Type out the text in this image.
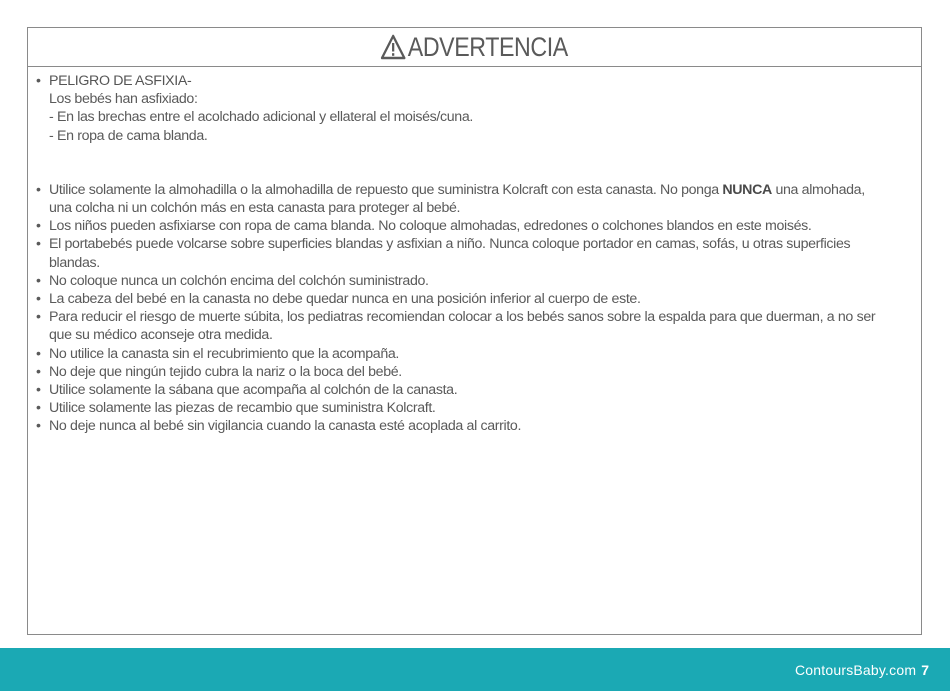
ADVERTENCIA
• PELIGRO DE ASFIXIA-
Los bebés han asfixiado:
- En las brechas entre el acolchado adicional y ellateral el moisés/cuna.
- En ropa de cama blanda.
• Utilice solamente la almohadilla o la almohadilla de repuesto que suministra Kolcraft con esta canasta. No ponga NUNCA una almohada,
una colcha ni un colchón más en esta canasta para proteger al bebé.
• Los niños pueden asfixiarse con ropa de cama blanda. No coloque almohadas, edredones o colchones blandos en este moisés.
• El portabebés puede volcarse sobre superficies blandas y asfixian a niño. Nunca coloque portador en camas, sofás, u otras superficies
blandas.
• No coloque nunca un colchón encima del colchón suministrado.
• La cabeza del bebé en la canasta no debe quedar nunca en una posición inferior al cuerpo de este.
• Para reducir el riesgo de muerte súbita, los pediatras recomiendan colocar a los bebés sanos sobre la espalda para que duerman, a no ser
que su médico aconseje otra medida.
• No utilice la canasta sin el recubrimiento que la acompaña.
• No deje que ningún tejido cubra la nariz o la boca del bebé.
• Utilice solamente la sábana que acompaña al colchón de la canasta.
• Utilice solamente las piezas de recambio que suministra Kolcraft.
• No deje nunca al bebé sin vigilancia cuando la canasta esté acoplada al carrito.
ContoursBaby.com 7
